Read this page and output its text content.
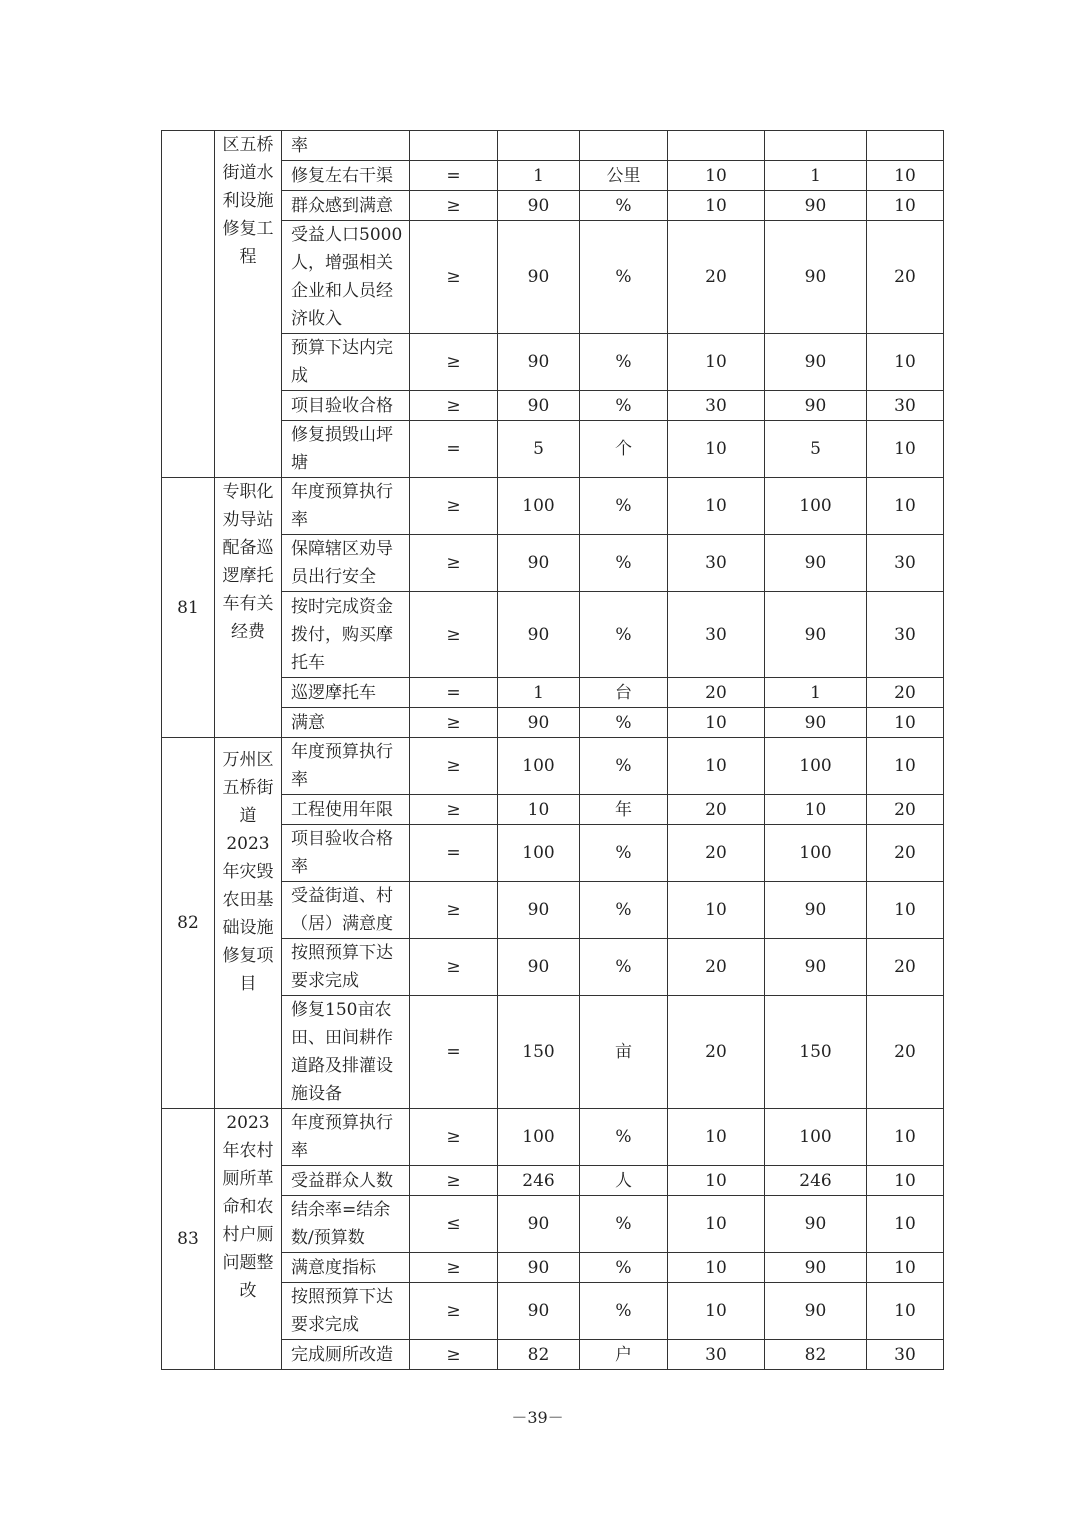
	区五桥街道水利设施修复工程	率						
		修复左右干渠	=	1	公里	10	1	10
		群众感到满意	≥	90	%	10	90	10
		受益人口5000人，增强相关企业和人员经济收入	≥	90	%	20	90	20
		预算下达内完成	≥	90	%	10	90	10
		项目验收合格	≥	90	%	30	90	30
		修复损毁山坪塘	=	5	个	10	5	10
81	专职化劝导站配备巡逻摩托车有关经费	年度预算执行率	≥	100	%	10	100	10
		保障辖区劝导员出行安全	≥	90	%	30	90	30
		按时完成资金拨付，购买摩托车	≥	90	%	30	90	30
		巡逻摩托车	=	1	台	20	1	20
		满意	≥	90	%	10	90	10
82	万州区五桥街道2023年灾毁农田基础设施修复项目	年度预算执行率	≥	100	%	10	100	10
		工程使用年限	≥	10	年	20	10	20
		项目验收合格率	=	100	%	20	100	20
		受益街道、村（居）满意度	≥	90	%	10	90	10
		按照预算下达要求完成	≥	90	%	20	90	20
		修复150亩农田、田间耕作道路及排灌设施设备	=	150	亩	20	150	20
83	2023年农村厕所革命和农村户厕问题整改	年度预算执行率	≥	100	%	10	100	10
		受益群众人数	≥	246	人	10	246	10
		结余率=结余数/预算数	≤	90	%	10	90	10
		满意度指标	≥	90	%	10	90	10
		按照预算下达要求完成	≥	90	%	10	90	10
		完成厕所改造	≥	82	户	30	82	30
－39－
